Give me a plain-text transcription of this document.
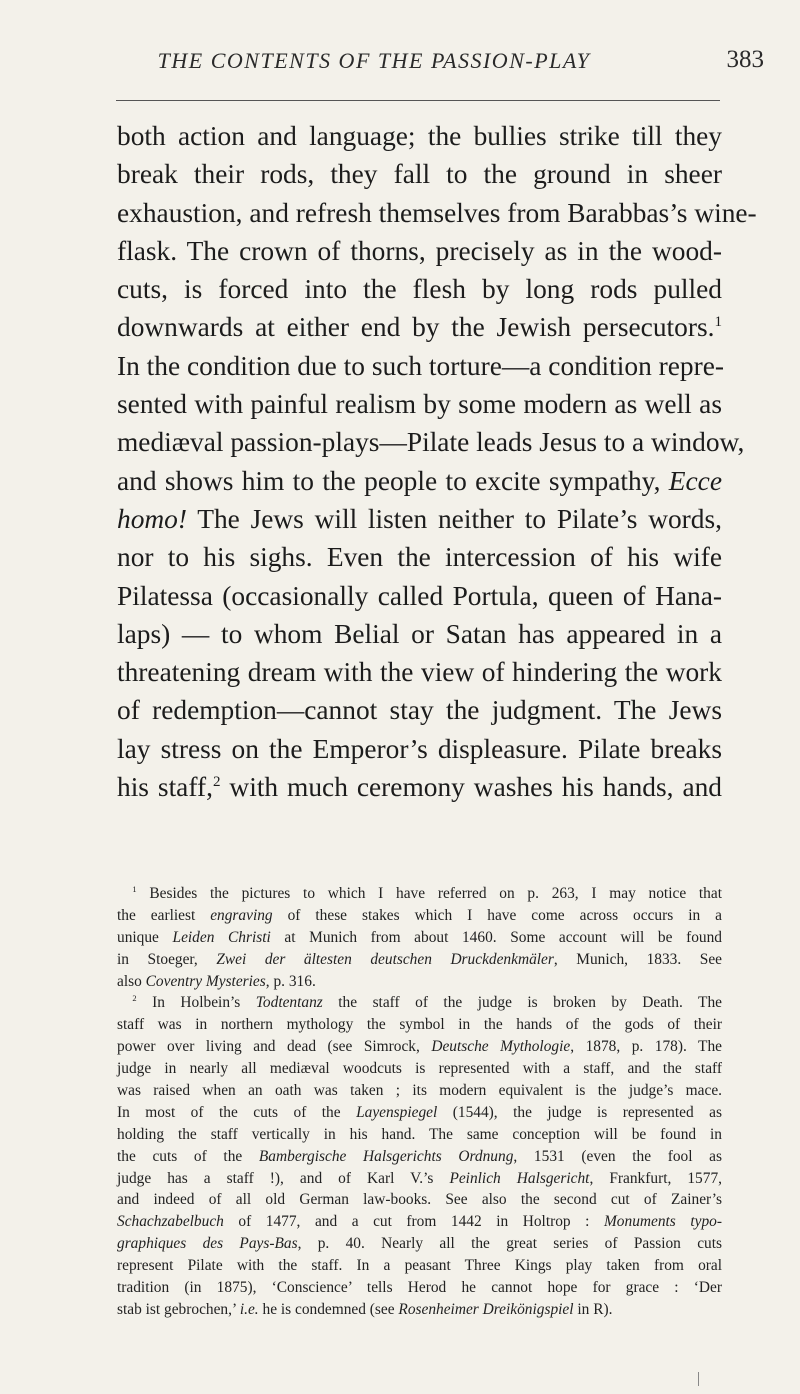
THE CONTENTS OF THE PASSION-PLAY	383
both action and language; the bullies strike till they
break their rods, they fall to the ground in sheer
exhaustion, and refresh themselves from Barabbas’s wine-
flask. The crown of thorns, precisely as in the wood-
cuts, is forced into the flesh by long rods pulled
downwards at either end by the Jewish persecutors.$^1$
In the condition due to such torture—a condition repre-
sented with painful realism by some modern as well as
mediæval passion-plays—Pilate leads Jesus to a window,
and shows him to the people to excite sympathy, Ecce
homo! The Jews will listen neither to Pilate’s words,
nor to his sighs. Even the intercession of his wife
Pilatessa (occasionally called Portula, queen of Hana-
laps) — to whom Belial or Satan has appeared in a
threatening dream with the view of hindering the work
of redemption—cannot stay the judgment. The Jews
lay stress on the Emperor’s displeasure. Pilate breaks
his staff,$^2$ with much ceremony washes his hands, and
 $^1$ Besides the pictures to which I have referred on p. 263, I may notice that
the earliest engraving of these stakes which I have come across occurs in a
unique Leiden Christi at Munich from about 1460. Some account will be found
in Stoeger, Zwei der ältesten deutschen Druckdenkmäler, Munich, 1833. See
also Coventry Mysteries, p. 316.
 $^2$ In Holbein’s Todtentanz the staff of the judge is broken by Death. The
staff was in northern mythology the symbol in the hands of the gods of their
power over living and dead (see Simrock, Deutsche Mythologie, 1878, p. 178). The
judge in nearly all mediæval woodcuts is represented with a staff, and the staff
was raised when an oath was taken ; its modern equivalent is the judge’s mace.
In most of the cuts of the Layenspiegel (1544), the judge is represented as
holding the staff vertically in his hand. The same conception will be found in
the cuts of the Bambergische Halsgerichts Ordnung, 1531 (even the fool as
judge has a staff !), and of Karl V.’s Peinlich Halsgericht, Frankfurt, 1577,
and indeed of all old German law-books. See also the second cut of Zainer’s
Schachzabelbuch of 1477, and a cut from 1442 in Holtrop : Monuments typo-
graphiques des Pays-Bas, p. 40. Nearly all the great series of Passion cuts
represent Pilate with the staff. In a peasant Three Kings play taken from oral
tradition (in 1875), ‘Conscience’ tells Herod he cannot hope for grace : ‘Der
stab ist gebrochen,’ i.e. he is condemned (see Rosenheimer Dreikönigspiel in R).
